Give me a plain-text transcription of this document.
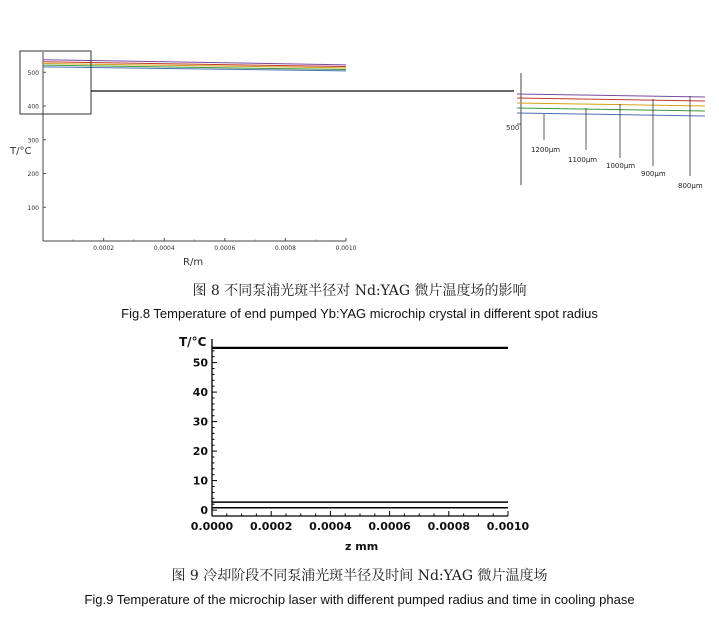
100
200
300
400
500
0.0002	0.0004	0.0006	0.0008	0.0010
T/°C
R/m
500
1200μm
1100μm
1000μm
900μm
800μm
0
10
20
30
40
50
0.0000 0.0002 0.0004 0.0006 0.0008 0.0010
T/°C
z mm
图 8 不同泵浦光斑半径对 Nd:YAG 微片温度场的影响
Fig.8 Temperature of end pumped Yb:YAG microchip crystal in different spot radius
图 9 冷却阶段不同泵浦光斑半径及时间 Nd:YAG 微片温度场
Fig.9 Temperature of the microchip laser with different pumped radius and time in cooling phase
